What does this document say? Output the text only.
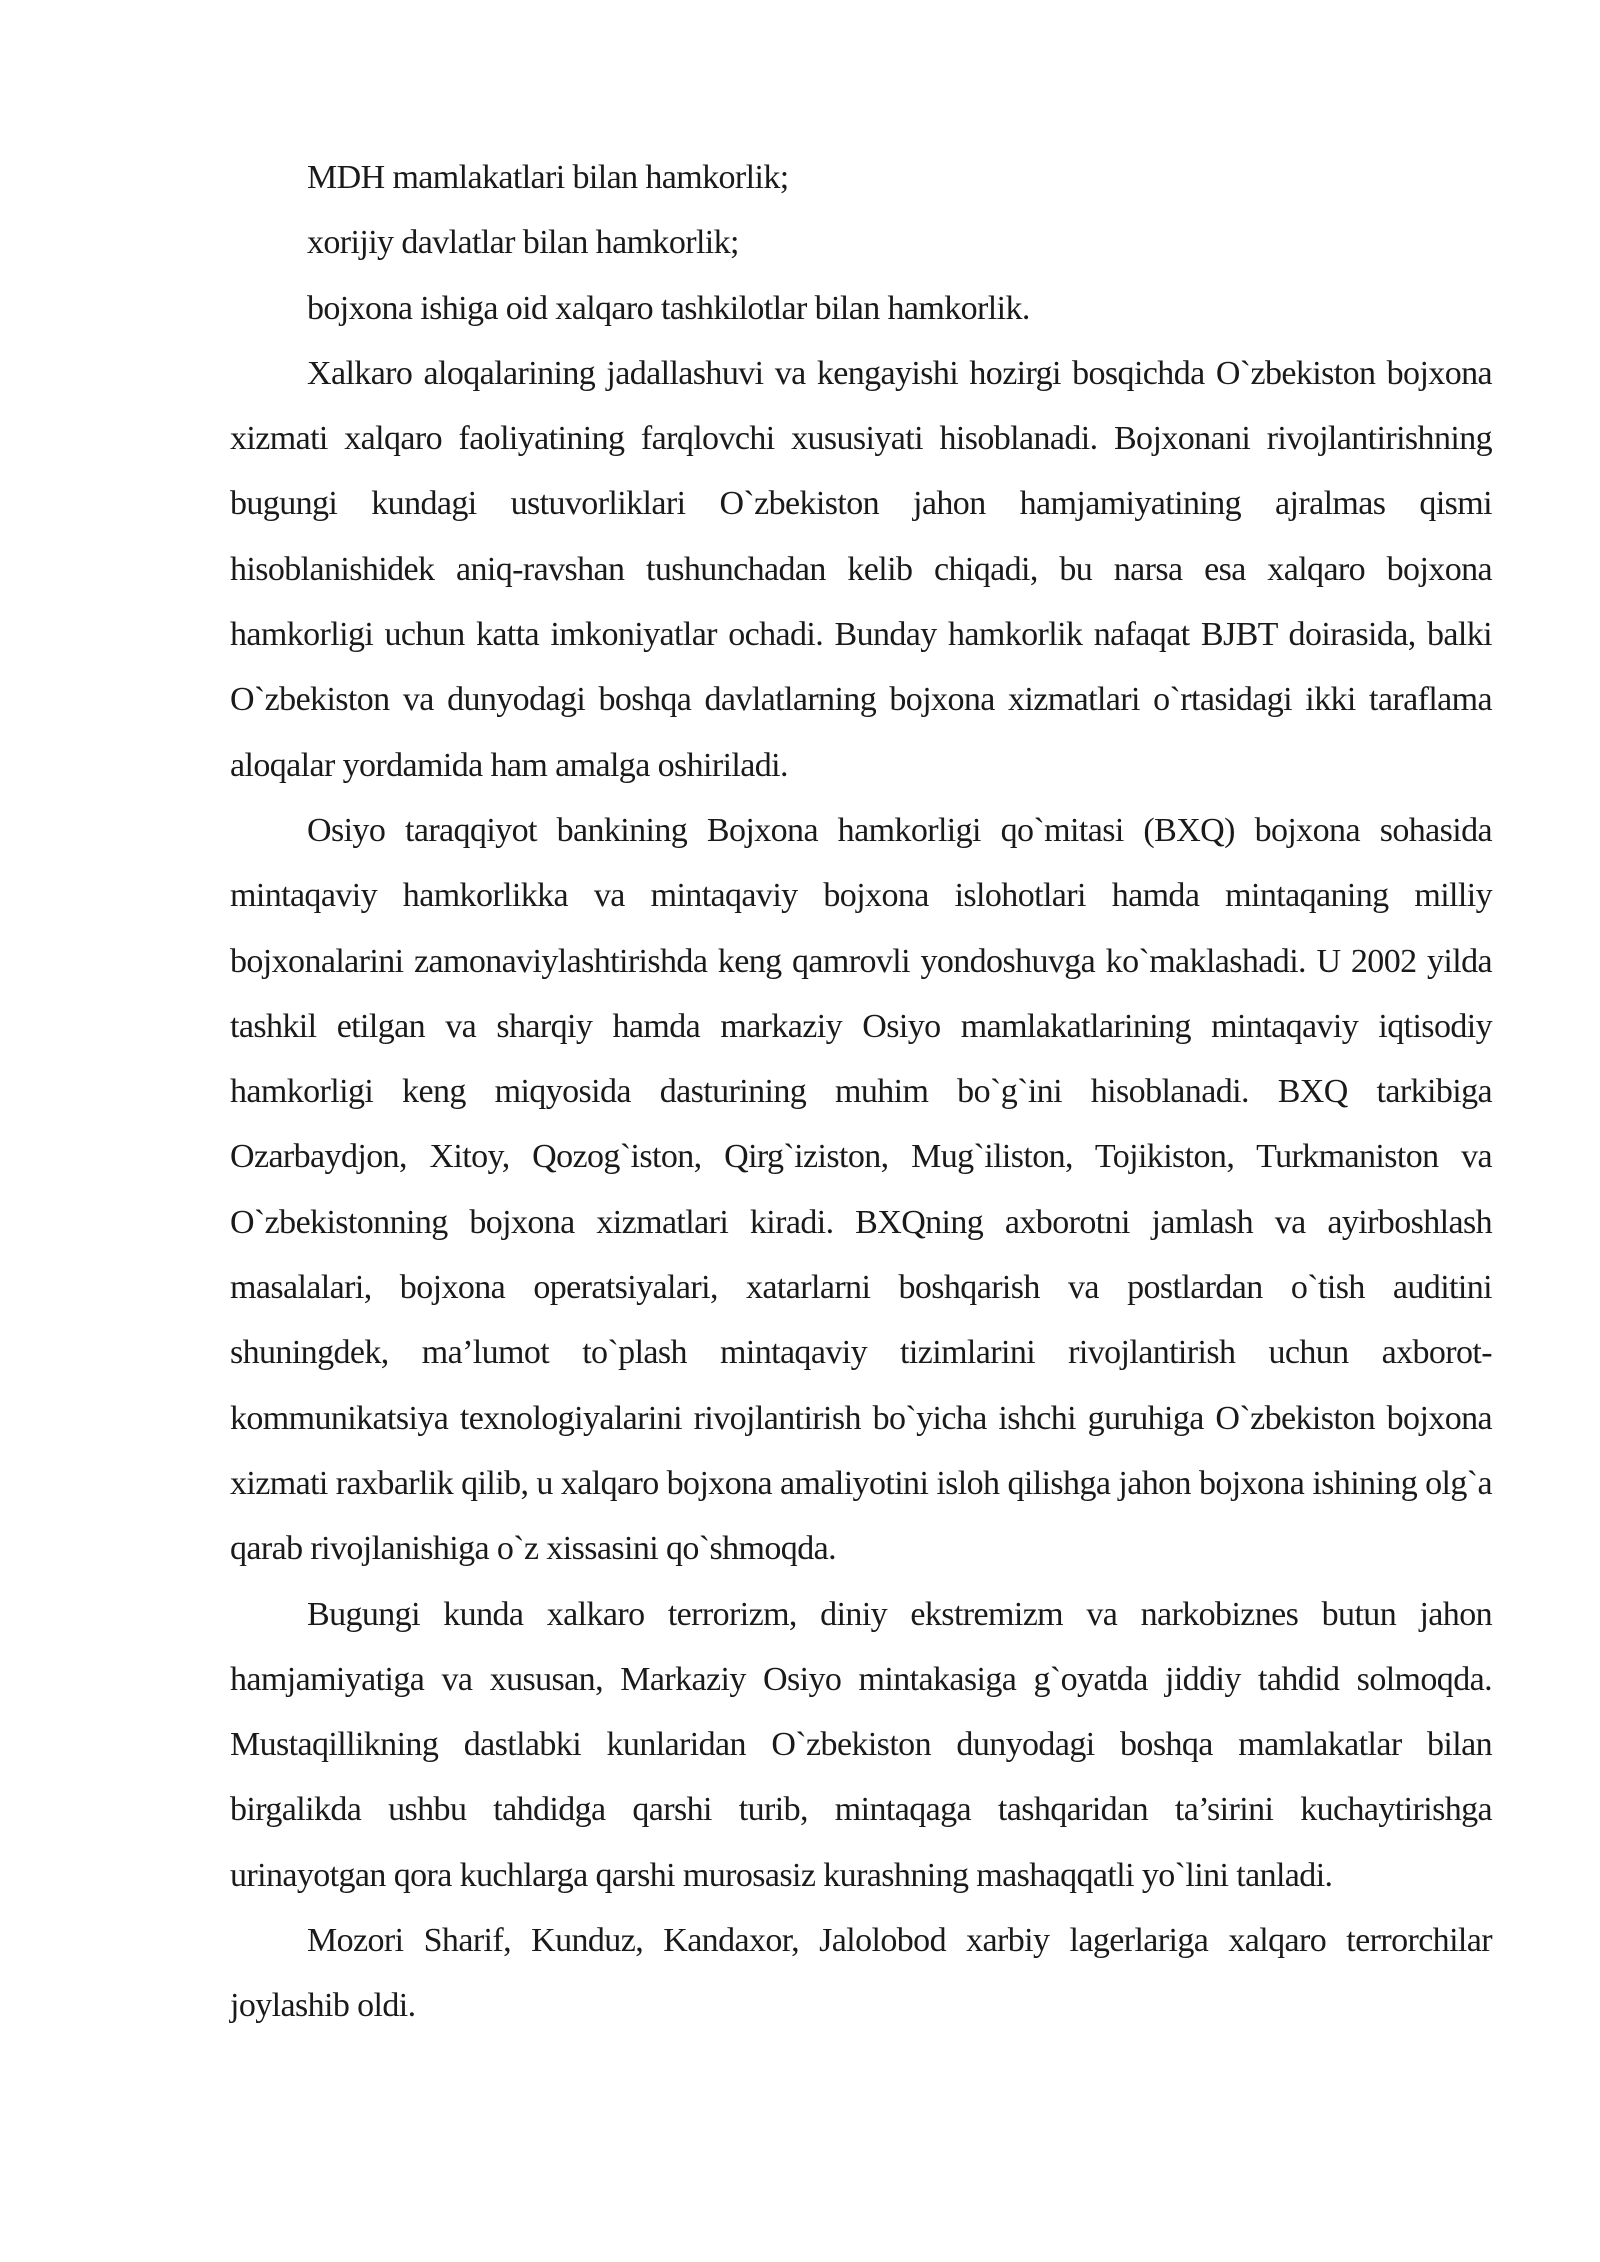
MDH mamlakatlari bilan hamkorlik;

xorijiy davlatlar bilan hamkorlik;

bojxona ishiga oid xalqaro tashkilotlar bilan hamkorlik.

Xalkaro aloqalarining jadallashuvi va kengayishi hozirgi bosqichda O`zbekiston bojxona xizmati xalqaro faoliyatining farqlovchi xususiyati hisoblanadi. Bojxonani rivojlantirishning bugungi kundagi ustuvorliklari O`zbekiston jahon hamjamiyatining ajralmas qismi hisoblanishidek aniq-ravshan tushunchadan kelib chiqadi, bu narsa esa xalqaro bojxona hamkorligi uchun katta imkoniyatlar ochadi. Bunday hamkorlik nafaqat BJBT doirasida, balki O`zbekiston va dunyodagi boshqa davlatlarning bojxona xizmatlari o`rtasidagi ikki taraflama aloqalar yordamida ham amalga oshiriladi.

Osiyo taraqqiyot bankining Bojxona hamkorligi qo`mitasi (BXQ) bojxona sohasida mintaqaviy hamkorlikka va mintaqaviy bojxona islohotlari hamda mintaqaning milliy bojxonalarini zamonaviylashtirishda keng qamrovli yondoshuvga ko`maklashadi. U 2002 yilda tashkil etilgan va sharqiy hamda markaziy Osiyo mamlakatlarining mintaqaviy iqtisodiy hamkorligi keng miqyosida dasturining muhim bo`g`ini hisoblanadi. BXQ tarkibiga Ozarbaydjon, Xitoy, Qozog`iston, Qirg`iziston, Mug`iliston, Tojikiston, Turkmaniston va O`zbekistonning bojxona xizmatlari kiradi. BXQning axborotni jamlash va ayirboshlash masalalari, bojxona operatsiyalari, xatarlarni boshqarish va postlardan o`tish auditini shuningdek, ma’lumot to`plash mintaqaviy tizimlarini rivojlantirish uchun axborot-kommunikatsiya texnologiyalarini rivojlantirish bo`yicha ishchi guruhiga O`zbekiston bojxona xizmati raxbarlik qilib, u xalqaro bojxona amaliyotini isloh qilishga jahon bojxona ishining olg`a qarab rivojlanishiga o`z xissasini qo`shmoqda.

Bugungi kunda xalkaro terrorizm, diniy ekstremizm va narkobiznes butun jahon hamjamiyatiga va xususan, Markaziy Osiyo mintakasiga g`oyatda jiddiy tahdid solmoqda. Mustaqillikning dastlabki kunlaridan O`zbekiston dunyodagi boshqa mamlakatlar bilan birgalikda ushbu tahdidga qarshi turib, mintaqaga tashqaridan ta’sirini kuchaytirishga urinayotgan qora kuchlarga qarshi murosasiz kurashning mashaqqatli yo`lini tanladi.

Mozori Sharif, Kunduz, Kandaxor, Jalolobod xarbiy lagerlariga xalqaro terrorchilar joylashib oldi.
